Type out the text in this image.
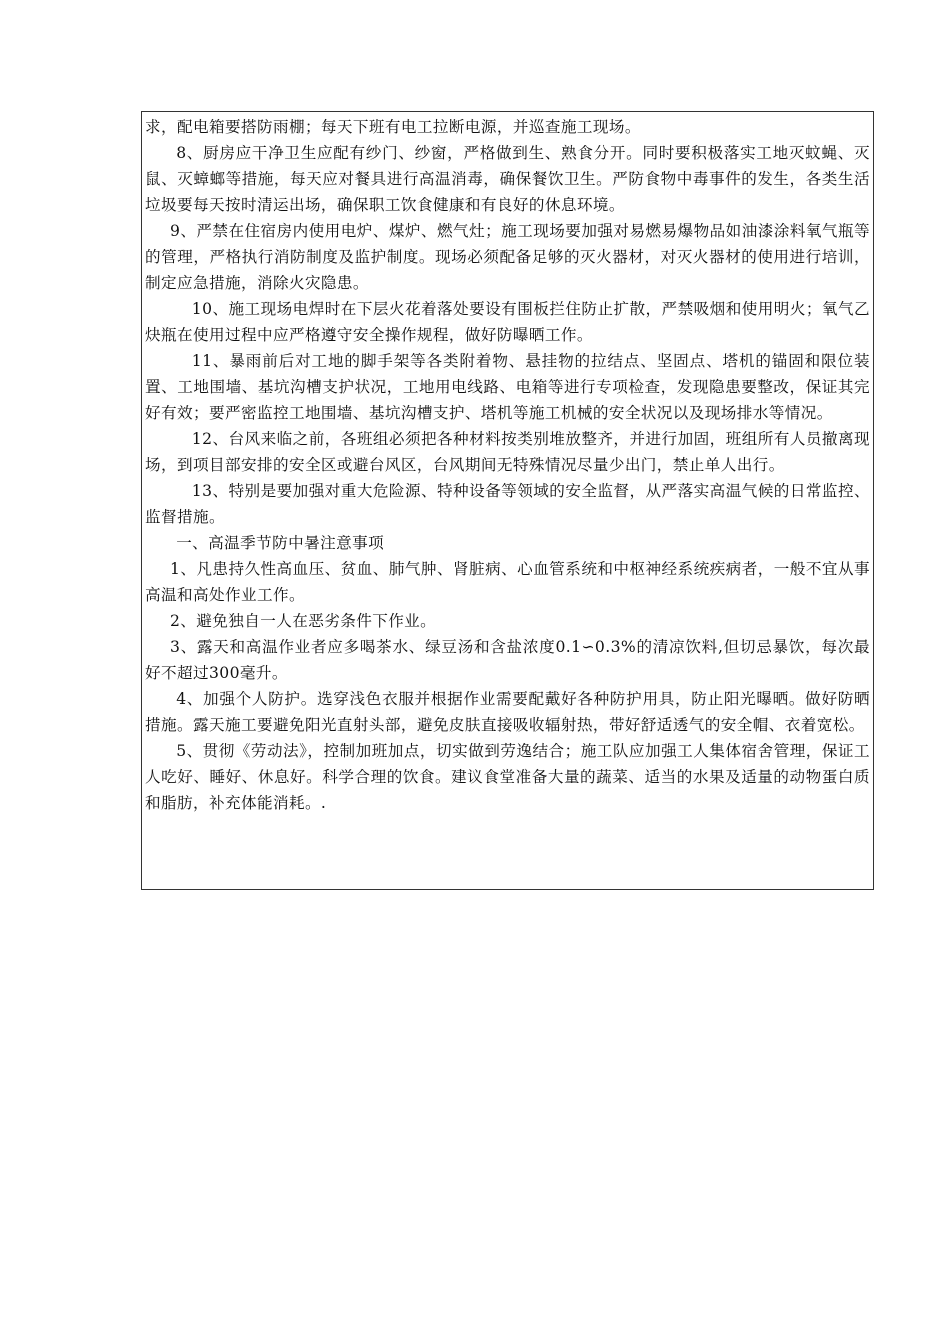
求，配电箱要搭防雨棚；每天下班有电工拉断电源，并巡查施工现场。

8、厨房应干净卫生应配有纱门、纱窗，严格做到生、熟食分开。同时要积极落实工地灭蚊蝇、灭鼠、灭蟑螂等措施，每天应对餐具进行高温消毒，确保餐饮卫生。严防食物中毒事件的发生，各类生活垃圾要每天按时清运出场，确保职工饮食健康和有良好的休息环境。

9、严禁在住宿房内使用电炉、煤炉、燃气灶；施工现场要加强对易燃易爆物品如油漆涂料氧气瓶等的管理，严格执行消防制度及监护制度。现场必须配备足够的灭火器材，对灭火器材的使用进行培训，制定应急措施，消除火灾隐患。

10、施工现场电焊时在下层火花着落处要设有围板拦住防止扩散，严禁吸烟和使用明火；氧气乙炔瓶在使用过程中应严格遵守安全操作规程，做好防曝晒工作。

11、暴雨前后对工地的脚手架等各类附着物、悬挂物的拉结点、坚固点、塔机的锚固和限位装置、工地围墙、基坑沟槽支护状况，工地用电线路、电箱等进行专项检查，发现隐患要整改，保证其完好有效；要严密监控工地围墙、基坑沟槽支护、塔机等施工机械的安全状况以及现场排水等情况。

12、台风来临之前，各班组必须把各种材料按类别堆放整齐，并进行加固，班组所有人员撤离现场，到项目部安排的安全区或避台风区，台风期间无特殊情况尽量少出门，禁止单人出行。

13、特别是要加强对重大危险源、特种设备等领域的安全监督，从严落实高温气候的日常监控、监督措施。

一、高温季节防中暑注意事项

1、凡患持久性高血压、贫血、肺气肿、肾脏病、心血管系统和中枢神经系统疾病者，一般不宜从事高温和高处作业工作。

2、避免独自一人在恶劣条件下作业。

3、露天和高温作业者应多喝茶水、绿豆汤和含盐浓度0.1∽0.3%的清凉饮料,但切忌暴饮，每次最好不超过300毫升。

4、加强个人防护。选穿浅色衣服并根据作业需要配戴好各种防护用具，防止阳光曝晒。做好防晒措施。露天施工要避免阳光直射头部，避免皮肤直接吸收辐射热，带好舒适透气的安全帽、衣着宽松。

5、贯彻《劳动法》，控制加班加点，切实做到劳逸结合；施工队应加强工人集体宿舍管理，保证工人吃好、睡好、休息好。科学合理的饮食。建议食堂准备大量的蔬菜、适当的水果及适量的动物蛋白质和脂肪，补充体能消耗。.
